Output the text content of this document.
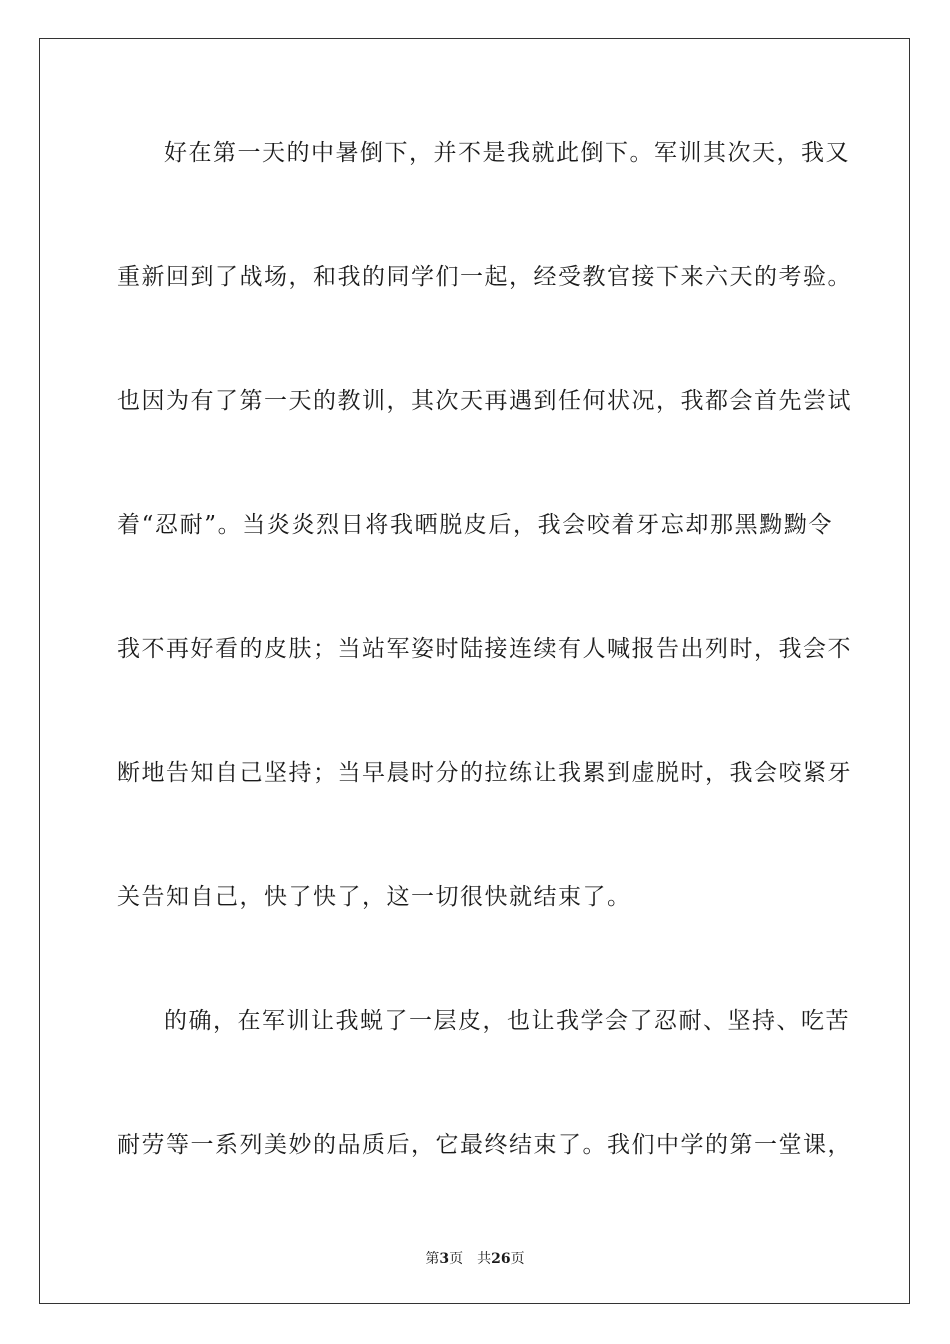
好在第一天的中暑倒下，并不是我就此倒下。军训其次天，我又
重新回到了战场，和我的同学们一起，经受教官接下来六天的考验。
也因为有了第一天的教训，其次天再遇到任何状况，我都会首先尝试
着“忍耐”。当炎炎烈日将我晒脱皮后，我会咬着牙忘却那黑黝黝令
我不再好看的皮肤；当站军姿时陆接连续有人喊报告出列时，我会不
断地告知自己坚持；当早晨时分的拉练让我累到虚脱时，我会咬紧牙
关告知自己，快了快了，这一切很快就结束了。
的确，在军训让我蜕了一层皮，也让我学会了忍耐、坚持、吃苦
耐劳等一系列美妙的品质后，它最终结束了。我们中学的第一堂课，
第3页 共26页
